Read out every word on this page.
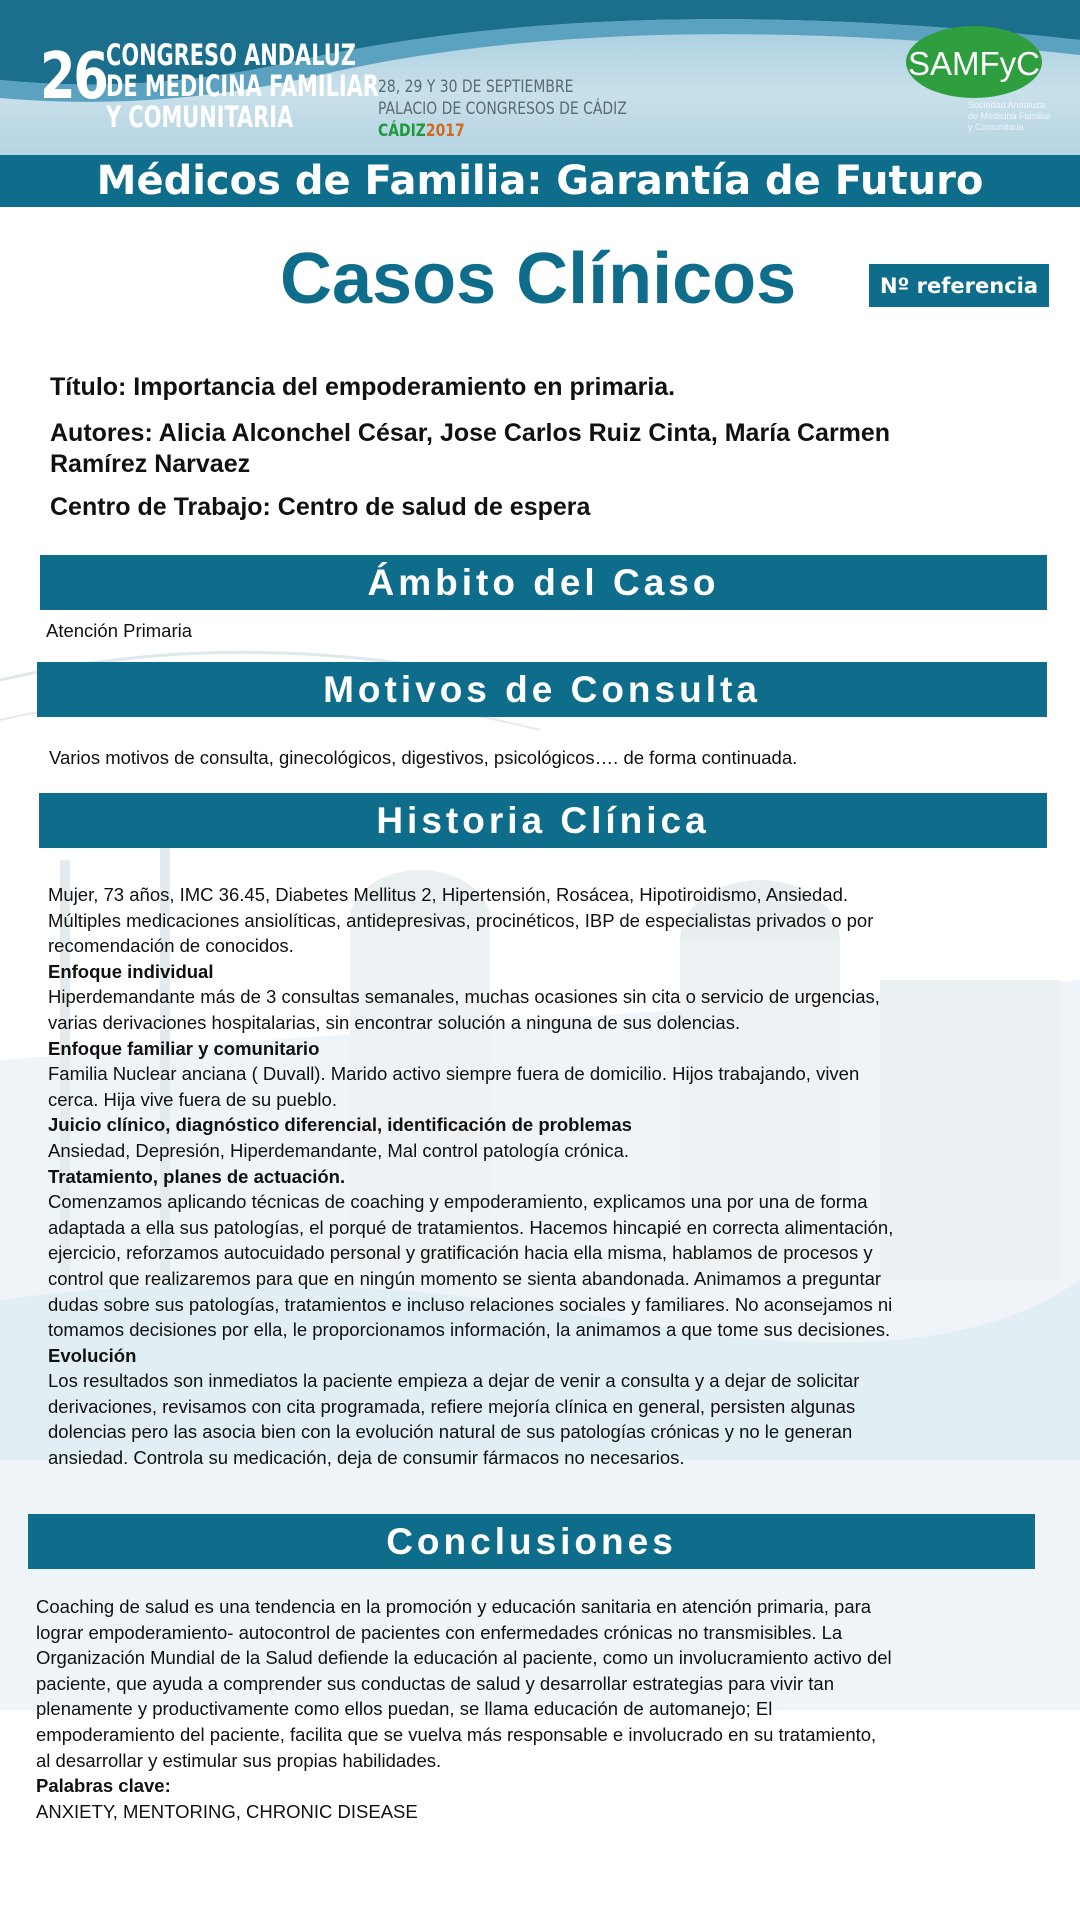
26 CONGRESO ANDALUZ
DE MEDICINA FAMILIAR
Y COMUNITARIA
28, 29 Y 30 DE SEPTIEMBRE
PALACIO DE CONGRESOS DE CÁDIZ
CÁDIZ2017
SAMFyC
Sociedad Andaluza
de Medicina Familiar
y Comunitaria
Médicos de Familia: Garantía de Futuro
Casos Clínicos	Nº referencia
Título: Importancia del empoderamiento en primaria.
Autores: Alicia Alconchel César, Jose Carlos Ruiz Cinta, María Carmen
Ramírez Narvaez
Centro de Trabajo: Centro de salud de espera
Ámbito del Caso
Atención Primaria
Motivos de Consulta
Varios motivos de consulta, ginecológicos, digestivos, psicológicos…. de forma continuada.
Historia Clínica

Mujer, 73 años, IMC 36.45, Diabetes Mellitus 2, Hipertensión, Rosácea, Hipotiroidismo, Ansiedad.

Múltiples medicaciones ansiolíticas, antidepresivas, procinéticos, IBP de especialistas privados o por

recomendación de conocidos.

Enfoque individual

Hiperdemandante más de 3 consultas semanales, muchas ocasiones sin cita o servicio de urgencias,

varias derivaciones hospitalarias, sin encontrar solución a ninguna de sus dolencias.

Enfoque familiar y comunitario

Familia Nuclear anciana ( Duvall). Marido activo siempre fuera de domicilio. Hijos trabajando, viven

cerca. Hija vive fuera de su pueblo.

Juicio clínico, diagnóstico diferencial, identificación de problemas

Ansiedad, Depresión, Hiperdemandante, Mal control patología crónica.

Tratamiento, planes de actuación.

Comenzamos aplicando técnicas de coaching y empoderamiento, explicamos una por una de forma

adaptada a ella sus patologías, el porqué de tratamientos. Hacemos hincapié en correcta alimentación,

ejercicio, reforzamos autocuidado personal y gratificación hacia ella misma, hablamos de procesos y

control que realizaremos para que en ningún momento se sienta abandonada. Animamos a preguntar

dudas sobre sus patologías, tratamientos e incluso relaciones sociales y familiares. No aconsejamos ni

tomamos decisiones por ella, le proporcionamos información, la animamos a que tome sus decisiones.

Evolución

Los resultados son inmediatos la paciente empieza a dejar de venir a consulta y a dejar de solicitar

derivaciones, revisamos con cita programada, refiere mejoría clínica en general, persisten algunas

dolencias pero las asocia bien con la evolución natural de sus patologías crónicas y no le generan

ansiedad. Controla su medicación, deja de consumir fármacos no necesarios.

Conclusiones

Coaching de salud es una tendencia en la promoción y educación sanitaria en atención primaria, para

lograr empoderamiento- autocontrol de pacientes con enfermedades crónicas no transmisibles. La

Organización Mundial de la Salud defiende la educación al paciente, como un involucramiento activo del

paciente, que ayuda a comprender sus conductas de salud y desarrollar estrategias para vivir tan

plenamente y productivamente como ellos puedan, se llama educación de automanejo; El

empoderamiento del paciente, facilita que se vuelva más responsable e involucrado en su tratamiento,

al desarrollar y estimular sus propias habilidades.

Palabras clave:

ANXIETY, MENTORING, CHRONIC DISEASE
